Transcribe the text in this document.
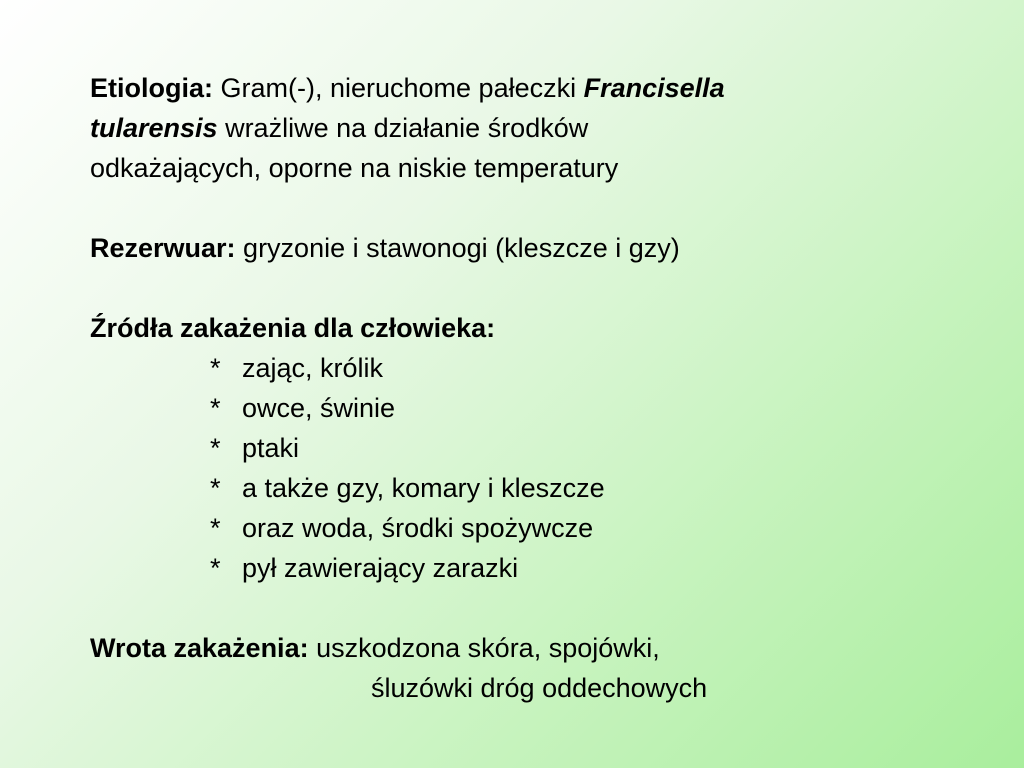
Etiologia: Gram(-), nieruchome pałeczki Francisella
tularensis wrażliwe na działanie środków
odkażających, oporne na niskie temperatury
Rezerwuar: gryzonie i stawonogi (kleszcze i gzy)
Źródła zakażenia dla człowieka:
* zając, królik
* owce, świnie
* ptaki
* a także gzy, komary i kleszcze
* oraz woda, środki spożywcze
* pył zawierający zarazki
Wrota zakażenia: uszkodzona skóra, spojówki,
śluzówki dróg oddechowych
